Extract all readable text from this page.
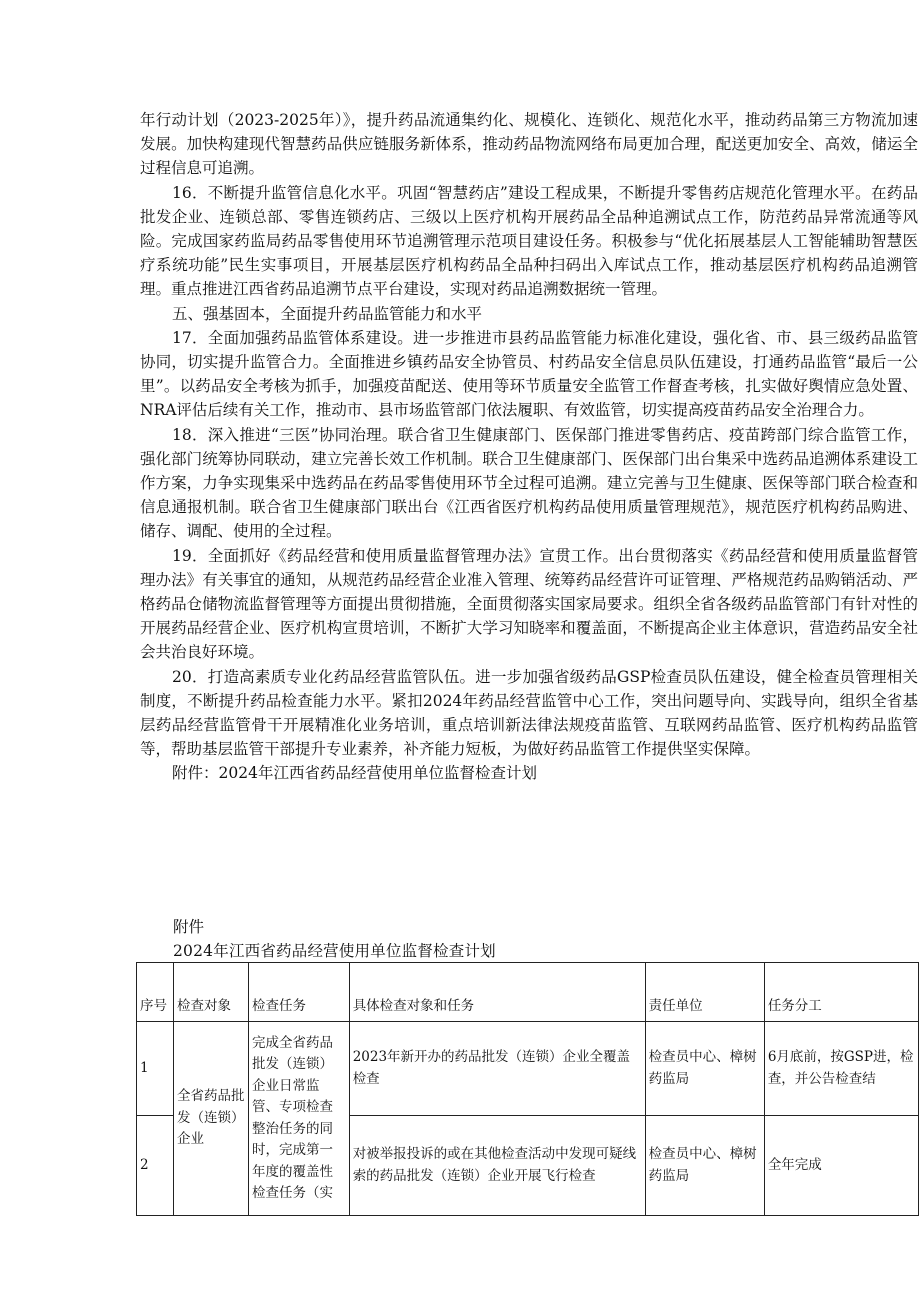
年行动计划（2023-2025年）》，提升药品流通集约化、规模化、连锁化、规范化水平，推动药品第三方物流加速发展。加快构建现代智慧药品供应链服务新体系，推动药品物流网络布局更加合理，配送更加安全、高效，储运全过程信息可追溯。

16．不断提升监管信息化水平。巩固“智慧药店”建设工程成果，不断提升零售药店规范化管理水平。在药品批发企业、连锁总部、零售连锁药店、三级以上医疗机构开展药品全品种追溯试点工作，防范药品异常流通等风险。完成国家药监局药品零售使用环节追溯管理示范项目建设任务。积极参与“优化拓展基层人工智能辅助智慧医疗系统功能”民生实事项目，开展基层医疗机构药品全品种扫码出入库试点工作，推动基层医疗机构药品追溯管理。重点推进江西省药品追溯节点平台建设，实现对药品追溯数据统一管理。

五、强基固本，全面提升药品监管能力和水平

17．全面加强药品监管体系建设。进一步推进市县药品监管能力标准化建设，强化省、市、县三级药品监管协同，切实提升监管合力。全面推进乡镇药品安全协管员、村药品安全信息员队伍建设，打通药品监管“最后一公里”。以药品安全考核为抓手，加强疫苗配送、使用等环节质量安全监管工作督查考核，扎实做好舆情应急处置、NRA评估后续有关工作，推动市、县市场监管部门依法履职、有效监管，切实提高疫苗药品安全治理合力。

18．深入推进“三医”协同治理。联合省卫生健康部门、医保部门推进零售药店、疫苗跨部门综合监管工作，强化部门统筹协同联动，建立完善长效工作机制。联合卫生健康部门、医保部门出台集采中选药品追溯体系建设工作方案，力争实现集采中选药品在药品零售使用环节全过程可追溯。建立完善与卫生健康、医保等部门联合检查和信息通报机制。联合省卫生健康部门联出台《江西省医疗机构药品使用质量管理规范》，规范医疗机构药品购进、储存、调配、使用的全过程。

19．全面抓好《药品经营和使用质量监督管理办法》宣贯工作。出台贯彻落实《药品经营和使用质量监督管理办法》有关事宜的通知，从规范药品经营企业准入管理、统筹药品经营许可证管理、严格规范药品购销活动、严格药品仓储物流监督管理等方面提出贯彻措施，全面贯彻落实国家局要求。组织全省各级药品监管部门有针对性的开展药品经营企业、医疗机构宣贯培训，不断扩大学习知晓率和覆盖面，不断提高企业主体意识，营造药品安全社会共治良好环境。

20．打造高素质专业化药品经营监管队伍。进一步加强省级药品GSP检查员队伍建设，健全检查员管理相关制度，不断提升药品检查能力水平。紧扣2024年药品经营监管中心工作，突出问题导向、实践导向，组织全省基层药品经营监管骨干开展精准化业务培训，重点培训新法律法规疫苗监管、互联网药品监管、医疗机构药品监管等，帮助基层监管干部提升专业素养，补齐能力短板，为做好药品监管工作提供坚实保障。

附件：2024年江西省药品经营使用单位监督检查计划

附件
2024年江西省药品经营使用单位监督检查计划
序号	检查对象	检查任务	具体检查对象和任务	责任单位	任务分工
1	全省药品批发（连锁）企业	完成全省药品批发（连锁）企业日常监管、专项检查整治任务的同时，完成第一年度的覆盖性检查任务（实	2023年新开办的药品批发（连锁）企业全覆盖检查	检查员中心、樟树药监局	6月底前，按GSP进，检查，并公告检查结
2			对被举报投诉的或在其他检查活动中发现可疑线索的药品批发（连锁）企业开展飞行检查	检查员中心、樟树药监局	全年完成
